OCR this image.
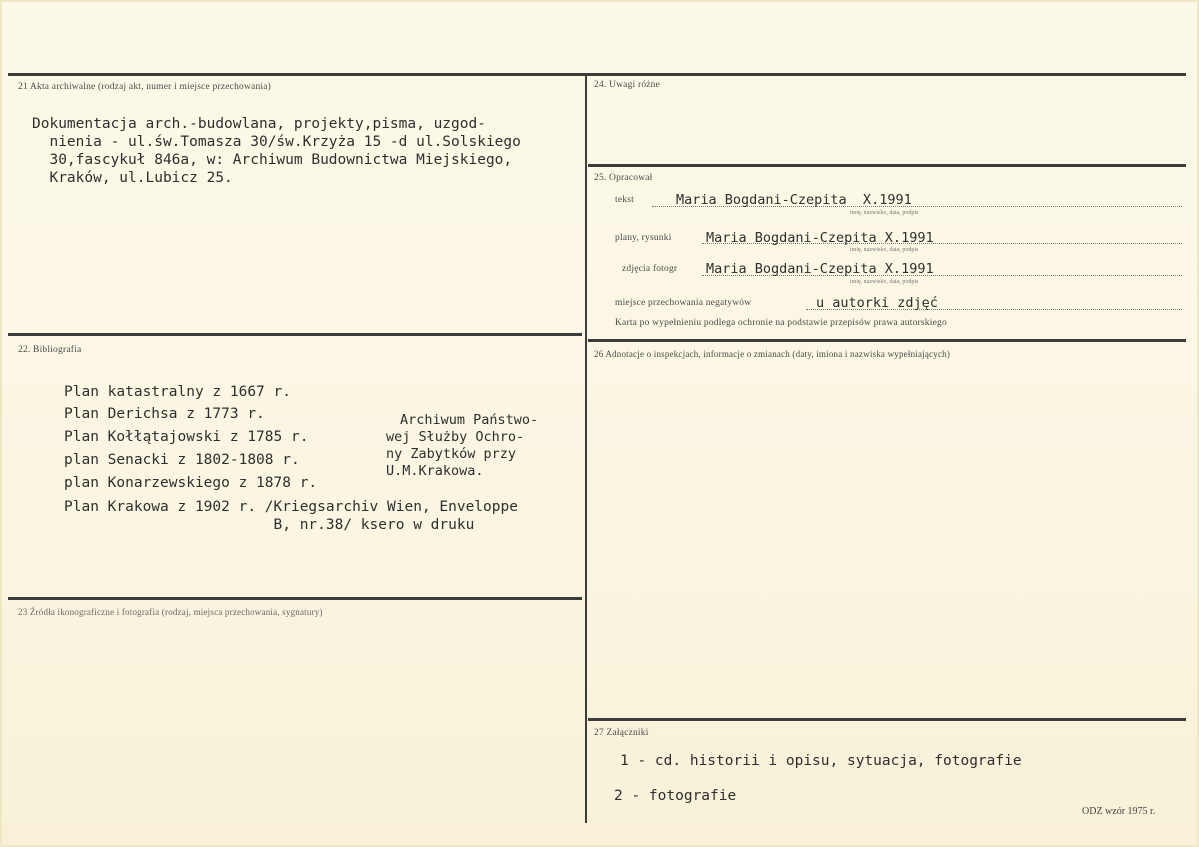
21 Akta archiwalne (rodzaj akt, numer i miejsce przechowania)
Dokumentacja arch.-budowlana, projekty,pisma, uzgod-
nienia - ul.św.Tomasza 30/św.Krzyża 15 -d ul.Solskiego
30,fascykuł 846a, w: Archiwum Budownictwa Miejskiego,
Kraków, ul.Lubicz 25.
22. Bibliografia
Plan katastralny z 1667 r.
Plan Derichsa z 1773 r.
Plan Kołłątajowski z 1785 r.
plan Senacki z 1802-1808 r.
plan Konarzewskiego z 1878 r.
Plan Krakowa z 1902 r. /Kriegsarchiv Wien, Enveloppe
B, nr.38/ ksero w druku
Archiwum Państwo-
wej Służby Ochro-
ny Zabytków przy
U.M.Krakowa.
23 Źródła ikonograficzne i fotografia (rodzaj, miejsca przechowania, sygnatury)
24. Uwagi różne
25. Opracował
tekst	Maria Bogdani-Czepita  X.1991
imię, nazwisko, data, podpis
plany, rysunki	Maria Bogdani-Czepita X.1991
imię, nazwisko, data, podpis
zdjęcia fotogr Maria Bogdani-Czepita X.1991
imię, nazwisko, data, podpis
miejsce przechowania negatywów	u autorki zdjęć
Karta po wypełnieniu podlega ochronie na podstawie przepisów prawa autorskiego
26 Adnotacje o inspekcjach, informacje o zmianach (daty, imiona i nazwiska wypełniających)
27 Załączniki
1 - cd. historii i opisu, sytuacja, fotografie
2 - fotografie
ODZ wzór 1975 r.
